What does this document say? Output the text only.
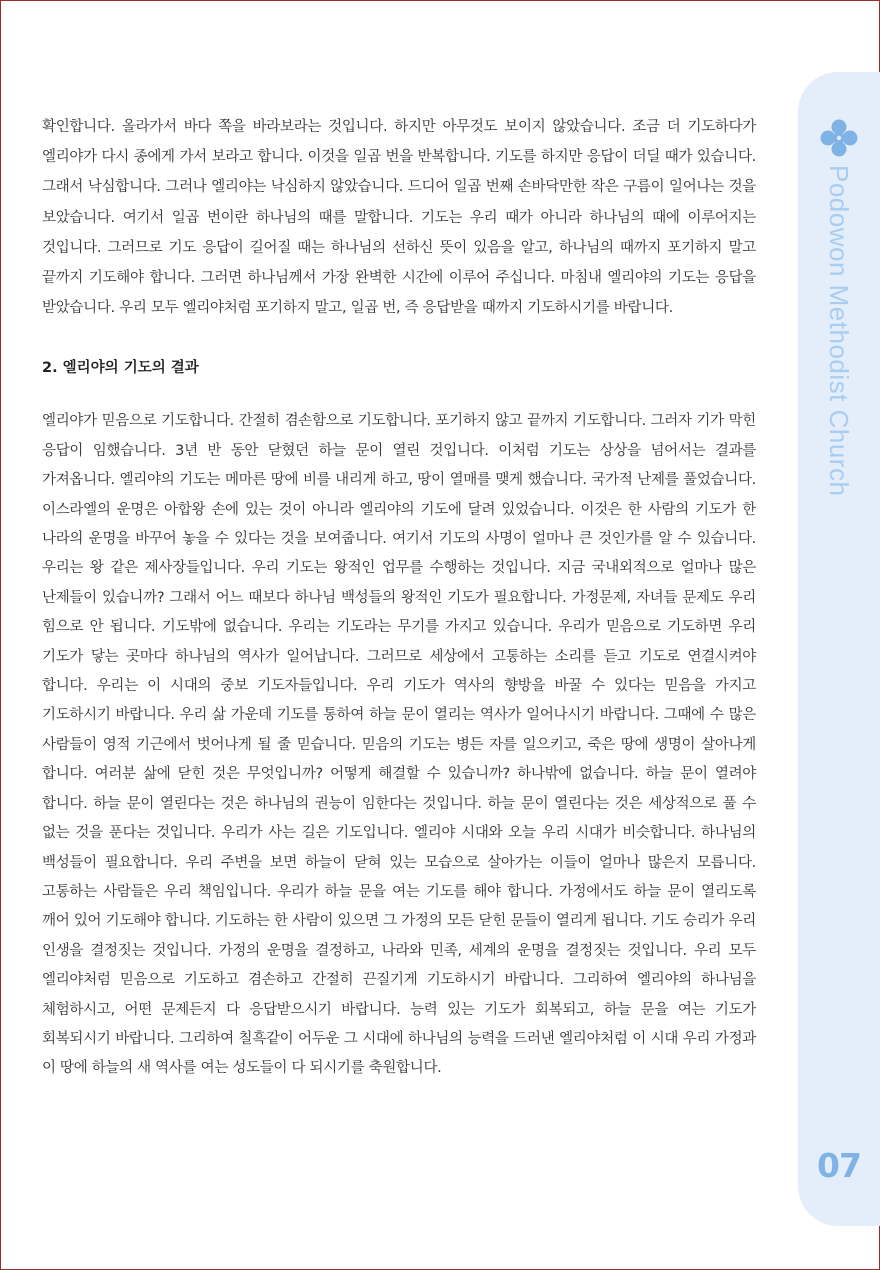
Podowon Methodist Church
07

확인합니다. 올라가서 바다 쪽을 바라보라는 것입니다. 하지만 아무것도 보이지 않았습니다. 조금 더 기도하다가 엘리야가 다시 종에게 가서 보라고 합니다. 이것을 일곱 번을 반복합니다. 기도를 하지만 응답이 더딜 때가 있습니다. 그래서 낙심합니다. 그러나 엘리야는 낙심하지 않았습니다. 드디어 일곱 번째 손바닥만한 작은 구름이 일어나는 것을 보았습니다. 여기서 일곱 번이란 하나님의 때를 말합니다. 기도는 우리 때가 아니라 하나님의 때에 이루어지는 것입니다. 그러므로 기도 응답이 길어질 때는 하나님의 선하신 뜻이 있음을 알고, 하나님의 때까지 포기하지 말고 끝까지 기도해야 합니다. 그러면 하나님께서 가장 완벽한 시간에 이루어 주십니다. 마침내 엘리야의 기도는 응답을 받았습니다. 우리 모두 엘리야처럼 포기하지 말고, 일곱 번, 즉 응답받을 때까지 기도하시기를 바랍니다.

2. 엘리야의 기도의 결과

엘리야가 믿음으로 기도합니다. 간절히 겸손함으로 기도합니다. 포기하지 않고 끝까지 기도합니다. 그러자 기가 막힌 응답이 임했습니다. 3년 반 동안 닫혔던 하늘 문이 열린 것입니다. 이처럼 기도는 상상을 넘어서는 결과를 가져옵니다. 엘리야의 기도는 메마른 땅에 비를 내리게 하고, 땅이 열매를 맺게 했습니다. 국가적 난제를 풀었습니다. 이스라엘의 운명은 아합왕 손에 있는 것이 아니라 엘리야의 기도에 달려 있었습니다. 이것은 한 사람의 기도가 한 나라의 운명을 바꾸어 놓을 수 있다는 것을 보여줍니다. 여기서 기도의 사명이 얼마나 큰 것인가를 알 수 있습니다. 우리는 왕 같은 제사장들입니다. 우리 기도는 왕적인 업무를 수행하는 것입니다. 지금 국내외적으로 얼마나 많은 난제들이 있습니까? 그래서 어느 때보다 하나님 백성들의 왕적인 기도가 필요합니다. 가정문제, 자녀들 문제도 우리 힘으로 안 됩니다. 기도밖에 없습니다. 우리는 기도라는 무기를 가지고 있습니다. 우리가 믿음으로 기도하면 우리 기도가 닿는 곳마다 하나님의 역사가 일어납니다. 그러므로 세상에서 고통하는 소리를 듣고 기도로 연결시켜야 합니다. 우리는 이 시대의 중보 기도자들입니다. 우리 기도가 역사의 향방을 바꿀 수 있다는 믿음을 가지고 기도하시기 바랍니다. 우리 삶 가운데 기도를 통하여 하늘 문이 열리는 역사가 일어나시기 바랍니다. 그때에 수 많은 사람들이 영적 기근에서 벗어나게 될 줄 믿습니다. 믿음의 기도는 병든 자를 일으키고, 죽은 땅에 생명이 살아나게 합니다. 여러분 삶에 닫힌 것은 무엇입니까? 어떻게 해결할 수 있습니까? 하나밖에 없습니다. 하늘 문이 열려야 합니다. 하늘 문이 열린다는 것은 하나님의 권능이 임한다는 것입니다. 하늘 문이 열린다는 것은 세상적으로 풀 수 없는 것을 푼다는 것입니다. 우리가 사는 길은 기도입니다. 엘리야 시대와 오늘 우리 시대가 비슷합니다. 하나님의 백성들이 필요합니다. 우리 주변을 보면 하늘이 닫혀 있는 모습으로 살아가는 이들이 얼마나 많은지 모릅니다. 고통하는 사람들은 우리 책임입니다. 우리가 하늘 문을 여는 기도를 해야 합니다. 가정에서도 하늘 문이 열리도록 깨어 있어 기도해야 합니다. 기도하는 한 사람이 있으면 그 가정의 모든 닫힌 문들이 열리게 됩니다. 기도 승리가 우리 인생을 결정짓는 것입니다. 가정의 운명을 결정하고, 나라와 민족, 세계의 운명을 결정짓는 것입니다. 우리 모두 엘리야처럼 믿음으로 기도하고 겸손하고 간절히 끈질기게 기도하시기 바랍니다. 그리하여 엘리야의 하나님을 체험하시고, 어떤 문제든지 다 응답받으시기 바랍니다. 능력 있는 기도가 회복되고, 하늘 문을 여는 기도가 회복되시기 바랍니다. 그리하여 칠흑같이 어두운 그 시대에 하나님의 능력을 드러낸 엘리야처럼 이 시대 우리 가정과 이 땅에 하늘의 새 역사를 여는 성도들이 다 되시기를 축원합니다.
